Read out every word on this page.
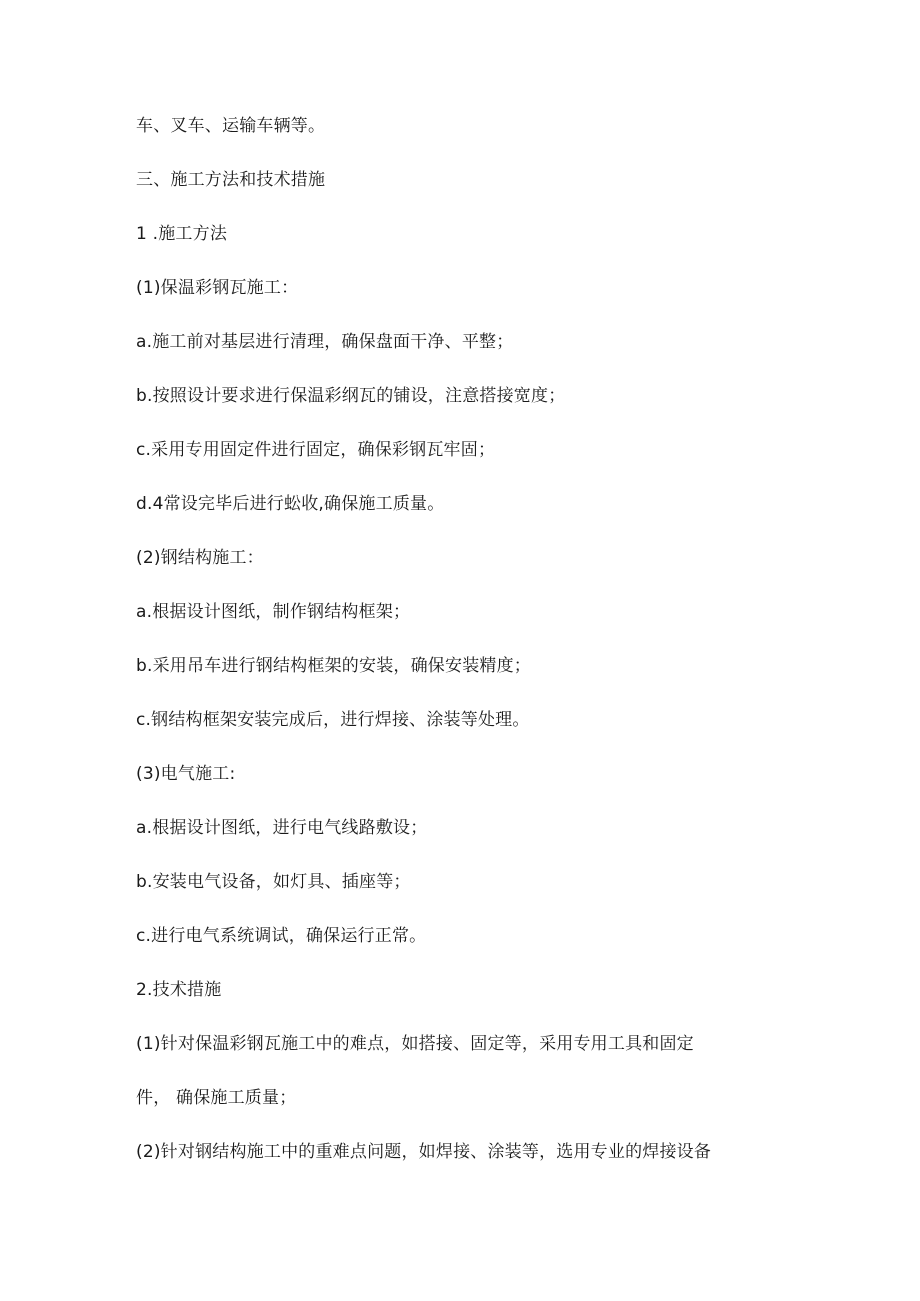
车、叉车、运输车辆等。
三、施工方法和技术措施
1 .施工方法
(1)保温彩钢瓦施工：
a.施工前对基层进行清理，确保盘面干净、平整；
b.按照设计要求进行保温彩纲瓦的铺设，注意搭接宽度；
c.采用专用固定件进行固定，确保彩钢瓦牢固；
d.4常设完毕后进行蚣收,确保施工质量。
(2)钢结构施工：
a.根据设计图纸，制作钢结构框架；
b.采用吊车进行钢结构框架的安装，确保安装精度；
c.钢结构框架安装完成后，进行焊接、涂装等处理。
(3)电气施工:
a.根据设计图纸，进行电气线路敷设；
b.安装电气设备，如灯具、插座等；
c.进行电气系统调试，确保运行正常。
2.技术措施
(1)针对保温彩钢瓦施工中的难点，如搭接、固定等，采用专用工具和固定
件， 确保施工质量；
(2)针对钢结构施工中的重难点问题，如焊接、涂装等，选用专业的焊接设备
